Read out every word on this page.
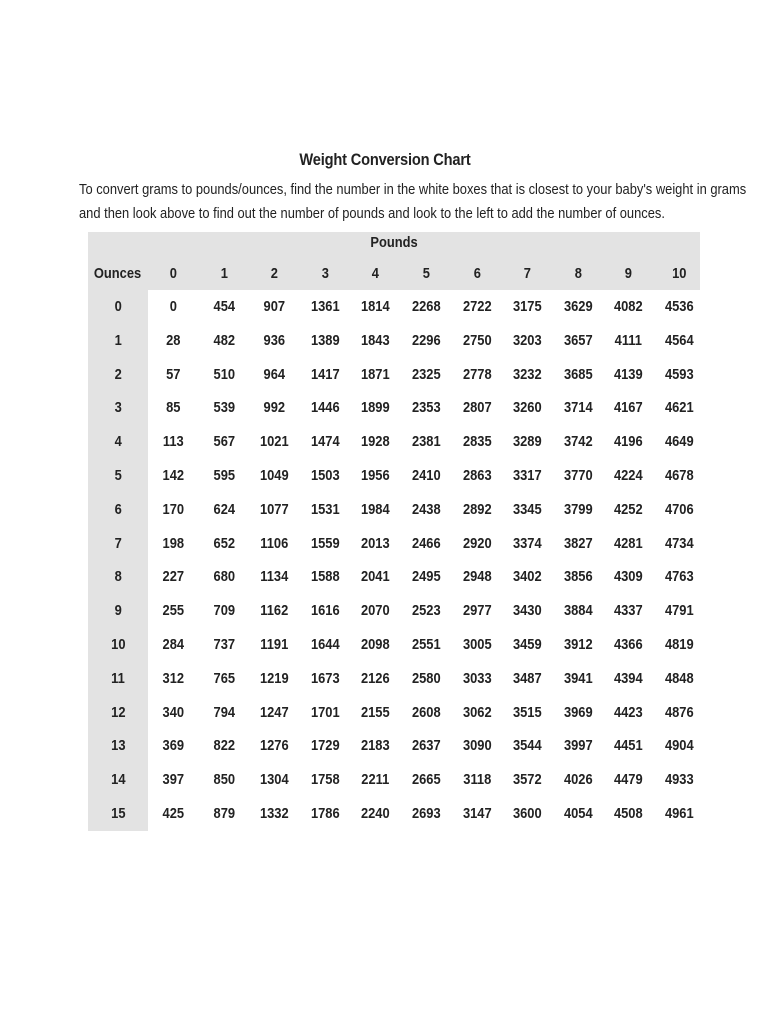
Weight Conversion Chart
To convert grams to pounds/ounces, find the number in the white boxes that is closest to your baby's weight in grams
and then look above to find out the number of pounds and look to the left to add the number of ounces.
Pounds
Ounces	0	1	2	3	4	5	6	7	8	9	10
0	0	454	907	1361	1814	2268	2722	3175	3629	4082	4536
1	28	482	936	1389	1843	2296	2750	3203	3657	4111	4564
2	57	510	964	1417	1871	2325	2778	3232	3685	4139	4593
3	85	539	992	1446	1899	2353	2807	3260	3714	4167	4621
4	113	567	1021	1474	1928	2381	2835	3289	3742	4196	4649
5	142	595	1049	1503	1956	2410	2863	3317	3770	4224	4678
6	170	624	1077	1531	1984	2438	2892	3345	3799	4252	4706
7	198	652	1106	1559	2013	2466	2920	3374	3827	4281	4734
8	227	680	1134	1588	2041	2495	2948	3402	3856	4309	4763
9	255	709	1162	1616	2070	2523	2977	3430	3884	4337	4791
10	284	737	1191	1644	2098	2551	3005	3459	3912	4366	4819
11	312	765	1219	1673	2126	2580	3033	3487	3941	4394	4848
12	340	794	1247	1701	2155	2608	3062	3515	3969	4423	4876
13	369	822	1276	1729	2183	2637	3090	3544	3997	4451	4904
14	397	850	1304	1758	2211	2665	3118	3572	4026	4479	4933
15	425	879	1332	1786	2240	2693	3147	3600	4054	4508	4961
